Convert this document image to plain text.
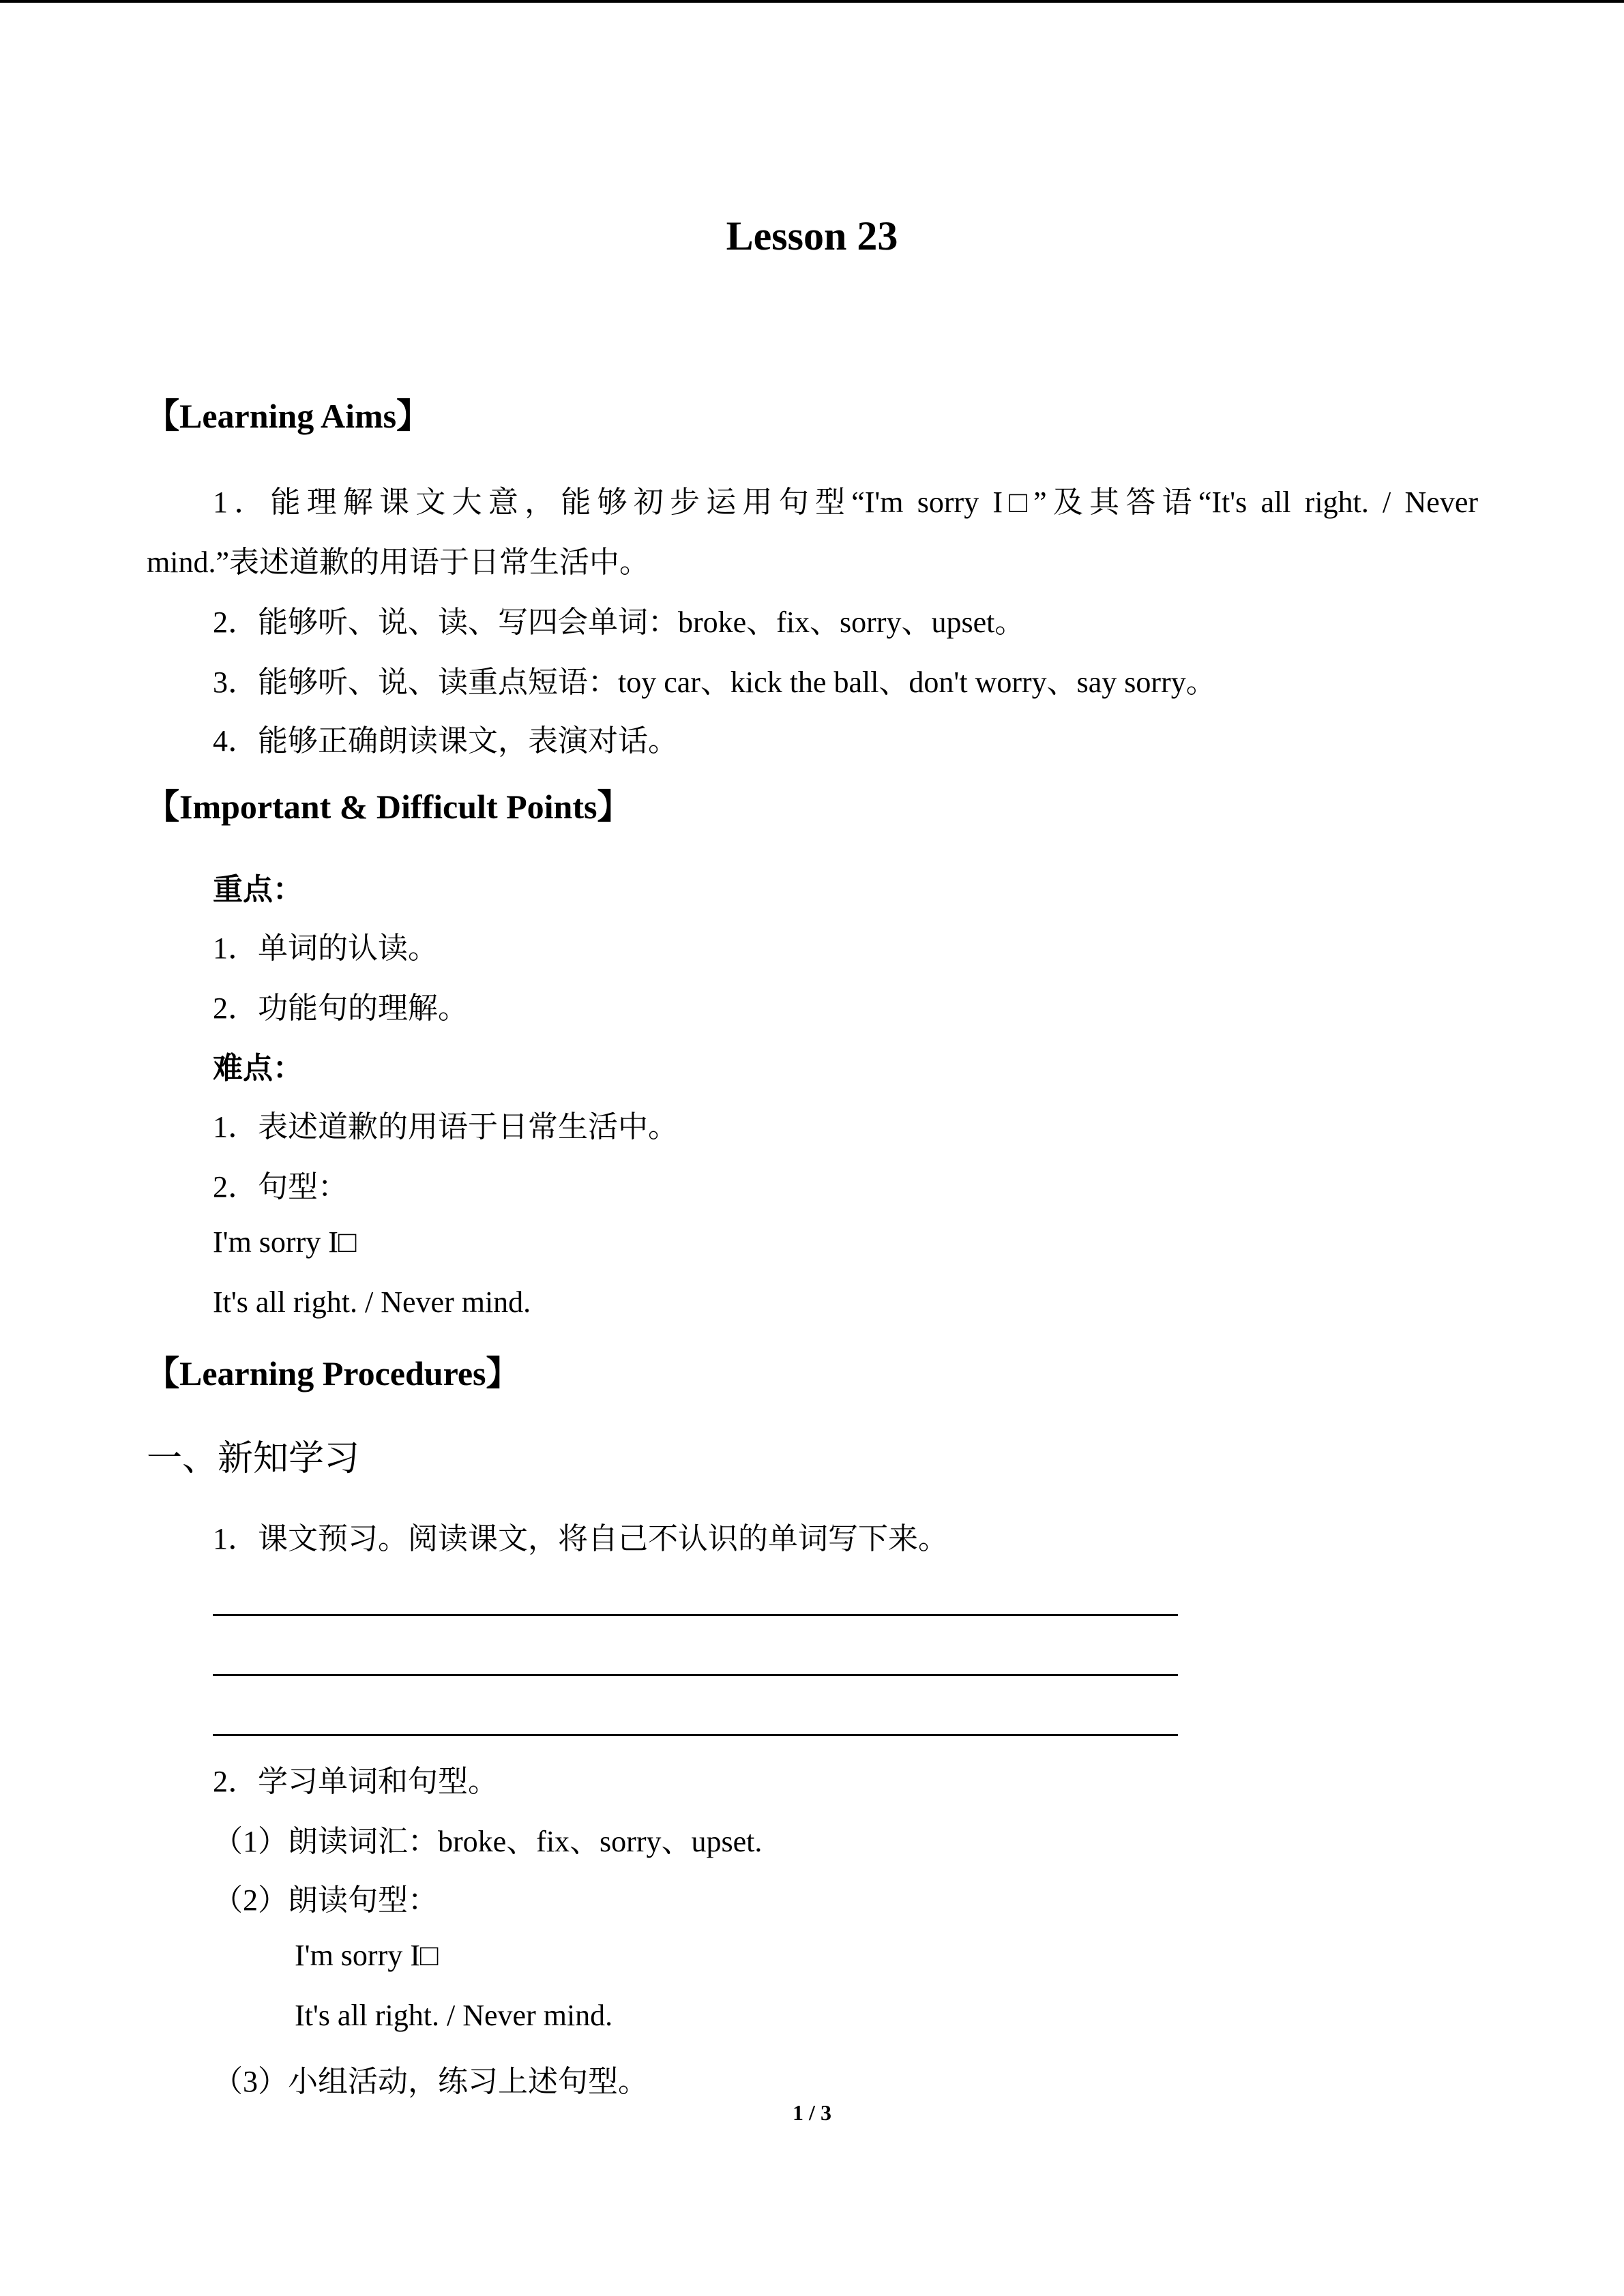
Lesson 23
【Learning Aims】
1．能理解课文大意，能够初步运用句型“I'm sorry I□”及其答语“It's all right. / Never
mind.”表述道歉的用语于日常生活中。
2．能够听、说、读、写四会单词：broke、fix、sorry、upset。
3．能够听、说、读重点短语：toy car、kick the ball、don't worry、say sorry。
4．能够正确朗读课文，表演对话。
【Important & Difficult Points】
重点：
1．单词的认读。
2．功能句的理解。
难点：
1．表述道歉的用语于日常生活中。
2．句型：
I'm sorry I□
It's all right. / Never mind.
【Learning Procedures】
一、新知学习
1．课文预习。阅读课文，将自己不认识的单词写下来。
2．学习单词和句型。
（1）朗读词汇：broke、fix、sorry、upset.
（2）朗读句型：
I'm sorry I□
It's all right. / Never mind.
（3）小组活动，练习上述句型。
1 / 3
